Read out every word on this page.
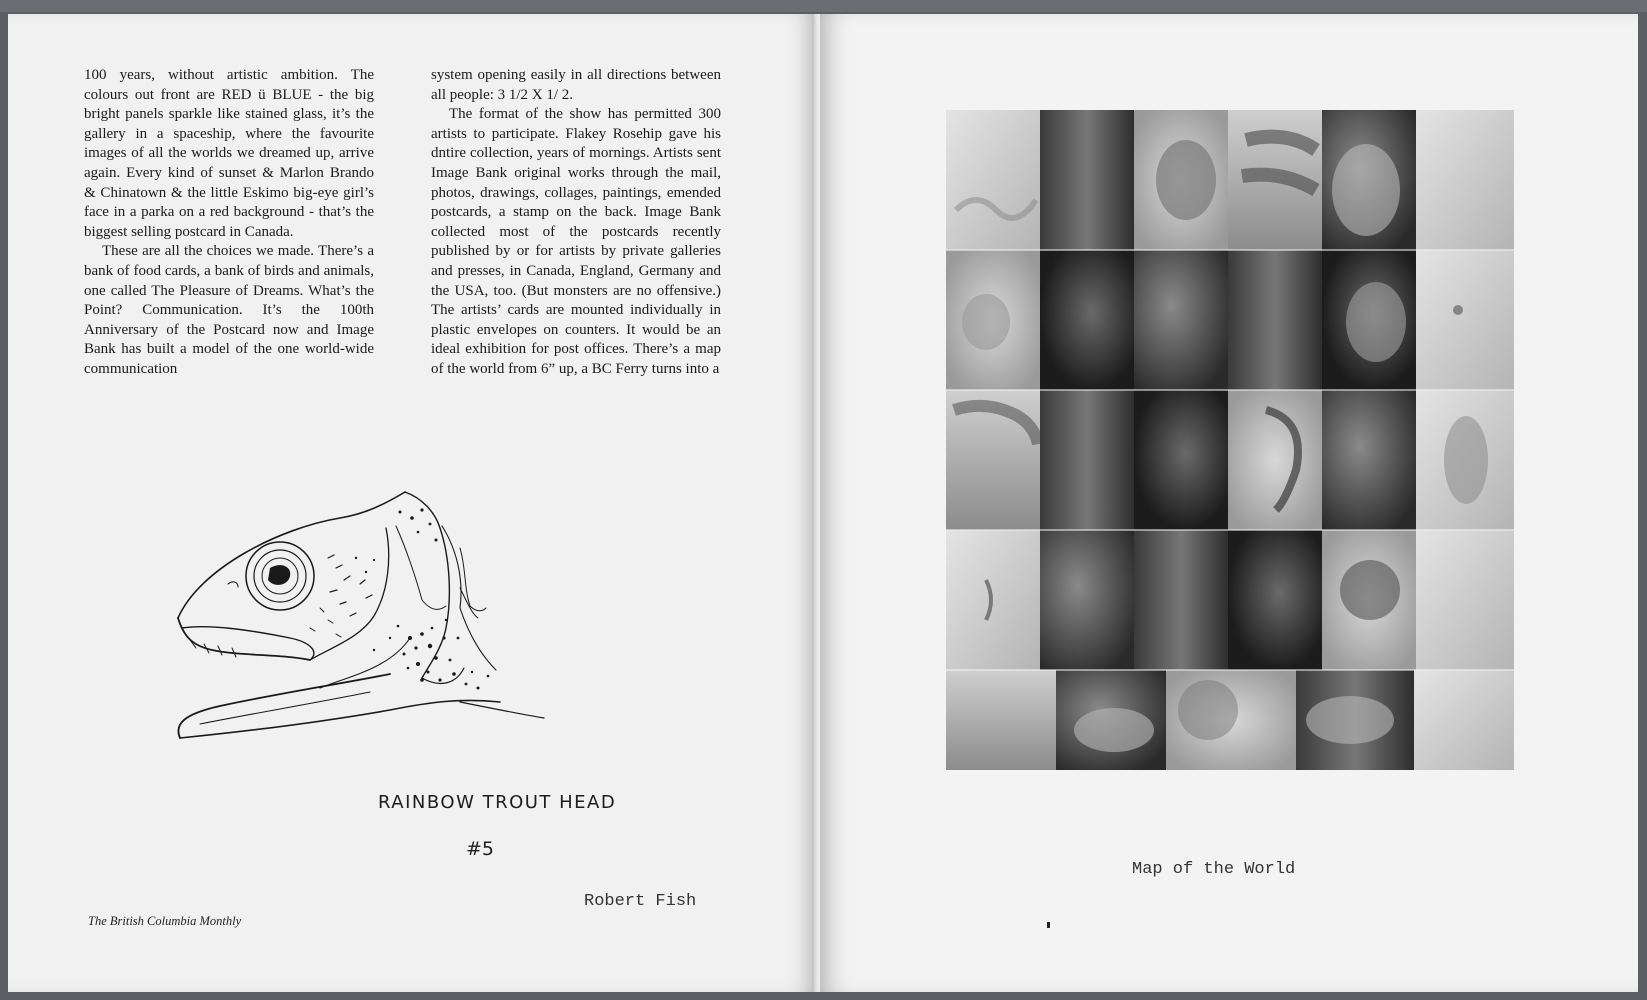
100 years, without artistic ambition. The colours out front are RED ü BLUE - the big bright panels sparkle like stained glass, it’s the gallery in a spaceship, where the favourite images of all the worlds we dreamed up, arrive again. Every kind of sunset & Marlon Brando & Chinatown & the little Eskimo big-eye girl’s face in a parka on a red background - that’s the biggest selling postcard in Canada.

These are all the choices we made. There’s a bank of food cards, a bank of birds and animals, one called The Pleasure of Dreams. What’s the Point? Communication. It’s the 100th Anniversary of the Postcard now and Image Bank has built a model of the one world-wide communication

system opening easily in all directions between all people: 3 1/2 X 1/ 2.

The format of the show has permitted 300 artists to participate. Flakey Rosehip gave his dntire collection, years of mornings. Artists sent Image Bank original works through the mail, photos, drawings, collages, paintings, emended postcards, a stamp on the back. Image Bank collected most of the postcards recently published by or for artists by private galleries and presses, in Canada, England, Germany and the USA, too. (But monsters are no offensive.) The artists’ cards are mounted individually in plastic envelopes on counters. It would be an ideal exhibition for post offices. There’s a map of the world from 6” up, a BC Ferry turns into a

RAINBOW TROUT HEAD
#5
Robert Fish
The British Columbia Monthly
Map of the World
